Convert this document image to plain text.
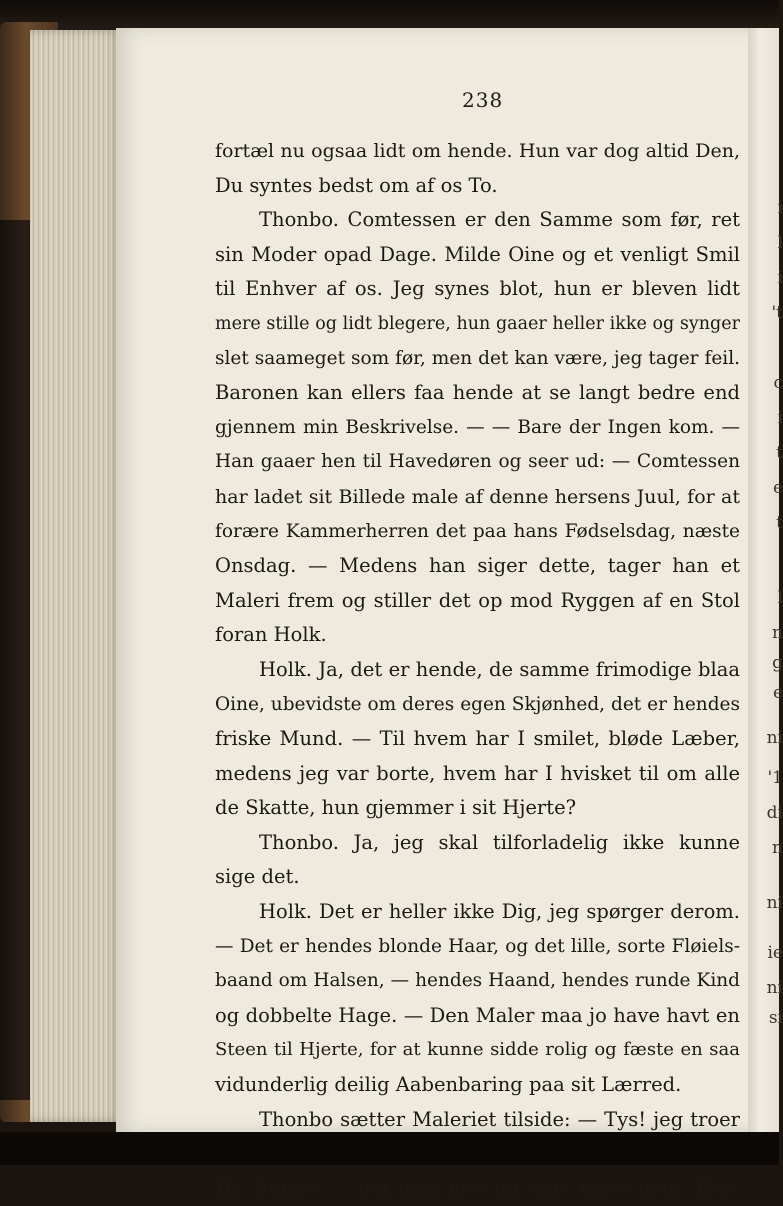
i
l
i
't
c
i
t
e
t
l
n
g
e
ni
'1
di
n
ni
ie
ni
si
238
fortæl nu ogsaa lidt om hende. Hun var dog altid Den,
Du syntes bedst om af os To.
Thonbo. Comtessen er den Samme som før, ret
sin Moder opad Dage. Milde Oine og et venligt Smil
til Enhver af os. Jeg synes blot, hun er bleven lidt
mere stille og lidt blegere, hun gaaer heller ikke og synger
slet saameget som før, men det kan være, jeg tager feil.
Baronen kan ellers faa hende at se langt bedre end
gjennem min Beskrivelse. — — Bare der Ingen kom. —
Han gaaer hen til Havedøren og seer ud: — Comtessen
har ladet sit Billede male af denne hersens Juul, for at
forære Kammerherren det paa hans Fødselsdag, næste
Onsdag. — Medens han siger dette, tager han et
Maleri frem og stiller det op mod Ryggen af en Stol
foran Holk.
Holk. Ja, det er hende, de samme frimodige blaa
Oine, ubevidste om deres egen Skjønhed, det er hendes
friske Mund. — Til hvem har I smilet, bløde Læber,
medens jeg var borte, hvem har I hvisket til om alle
de Skatte, hun gjemmer i sit Hjerte?
Thonbo. Ja, jeg skal tilforladelig ikke kunne
sige det.
Holk. Det er heller ikke Dig, jeg spørger derom.
— Det er hendes blonde Haar, og det lille, sorte Fløiels-
baand om Halsen, — hendes Haand, hendes runde Kind
og dobbelte Hage. — Den Maler maa jo have havt en
Steen til Hjerte, for at kunne sidde rolig og fæste en saa
vidunderlig deilig Aabenbaring paa sit Lærred.
Thonbo sætter Maleriet tilside: — Tys! jeg troer
Hr. Viggo! — Jeg maa ned og tage imod dem. Hvis
